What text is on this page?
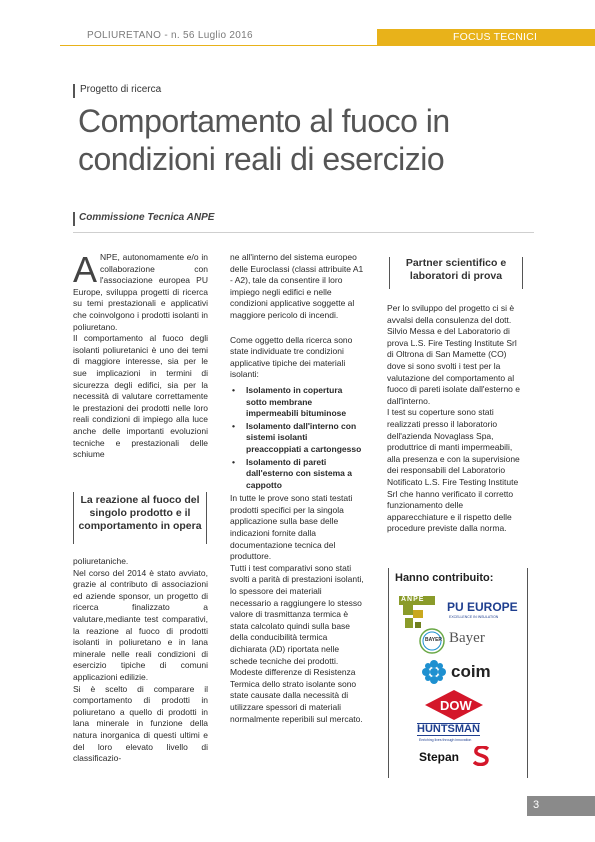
POLIURETANO - n. 56 Luglio 2016	FOCUS TECNICI
Progetto di ricerca
Comportamento al fuoco in condizioni reali di esercizio
Commissione Tecnica ANPE

ANPE, autonomamente e/o in collaborazione con l'associazione europea PU Europe, sviluppa progetti di ricerca su temi prestazionali e applicativi che coinvolgono i prodotti isolanti in poliuretano.

Il comportamento al fuoco degli isolanti poliuretanici è uno dei temi di maggiore interesse, sia per le sue implicazioni in termini di sicurezza degli edifici, sia per la necessità di valutare correttamente le prestazioni dei prodotti nelle loro reali condizioni di impiego alla luce anche delle importanti evoluzioni tecniche e prestazionali delle schiume

La reazione al fuoco del singolo prodotto e il comportamento in opera

poliuretaniche.

Nel corso del 2014 è stato avviato, grazie al contributo di associazioni ed aziende sponsor, un progetto di ricerca finalizzato a valutare,mediante test comparativi, la reazione al fuoco di prodotti isolanti in poliuretano e in lana minerale nelle reali condizioni di esercizio tipiche di comuni applicazioni edilizie.

Si è scelto di comparare il comportamento di prodotti in poliuretano a quello di prodotti in lana minerale in funzione della natura inorganica di questi ultimi e del loro elevato livello di classificazio-

ne all'interno del sistema europeo delle Euroclassi (classi attribuite A1 - A2), tale da consentire il loro impiego negli edifici e nelle condizioni applicative soggette al maggiore pericolo di incendi.

Come oggetto della ricerca sono state individuate tre condizioni applicative tipiche dei materiali isolanti:

• Isolamento in copertura sotto membrane impermeabili bituminose
• Isolamento dall'interno con sistemi isolanti preaccoppiati a cartongesso
• Isolamento di pareti dall'esterno con sistema a cappotto

In tutte le prove sono stati testati prodotti specifici per la singola applicazione sulla base delle indicazioni fornite dalla documentazione tecnica del produttore.

Tutti i test comparativi sono stati svolti a parità di prestazioni isolanti, lo spessore dei materiali necessario a raggiungere lo stesso valore di trasmittanza termica è stata calcolato quindi sulla base della conducibilità termica dichiarata (λD) riportata nelle schede tecniche dei prodotti.

Modeste differenze di Resistenza Termica dello strato isolante sono state causate dalla necessità di utilizzare spessori di materiali normalmente reperibili sul mercato.

Partner scientifico e laboratori di prova

Per lo sviluppo del progetto ci si è avvalsi della consulenza del dott. Silvio Messa e del Laboratorio di prova L.S. Fire Testing Institute Srl di Oltrona di San Mamette (CO) dove si sono svolti i test per la valutazione del comportamento al fuoco di pareti isolate dall'esterno e dall'interno.

I test su coperture sono stati realizzati presso il laboratorio dell'azienda Novaglass Spa, produttrice di manti impermeabili, alla presenza e con la supervisione dei responsabili del Laboratorio Notificato L.S. Fire Testing Institute Srl che hanno verificato il corretto funzionamento delle apparecchiature e il rispetto delle procedure previste dalla norma.

Hanno contribuito:
ANPE
PU EUROPE
EXCELLENCE IN INSULATION
BAYER Bayer
coim
DOW
HUNTSMAN
Enriching lives through innovation
Stepan
3
